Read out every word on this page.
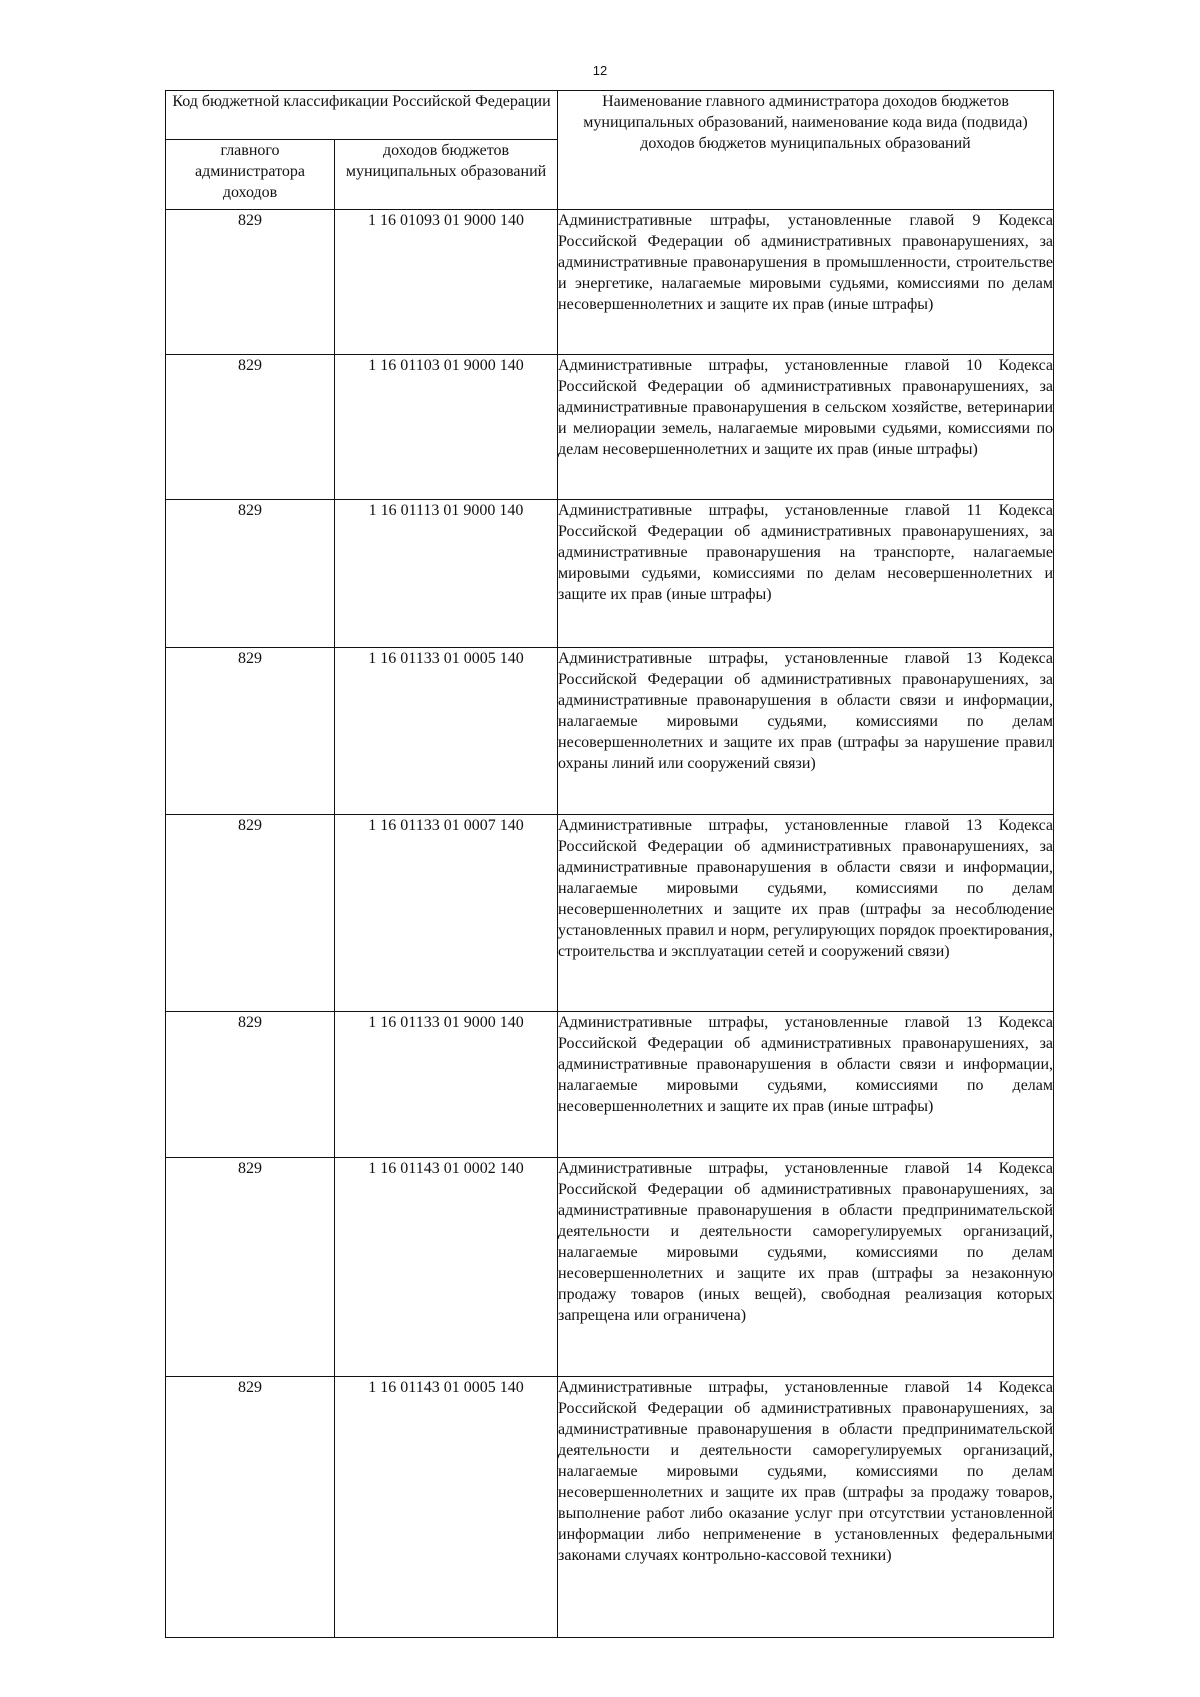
12
Код бюджетной классификации Российской Федерации		Наименование главного администратора доходов бюджетов муниципальных образований, наименование кода вида (подвида) доходов бюджетов муниципальных образований
главного администратора доходов	доходов бюджетов муниципальных образований	
829	1 16 01093 01 9000 140	Административные штрафы, установленные главой 9 Кодекса Российской Федерации об административных правонарушениях, за административные правонарушения в промышленности, строительстве и энергетике, налагаемые мировыми судьями, комиссиями по делам несовершеннолетних и защите их прав (иные штрафы)
829	1 16 01103 01 9000 140	Административные штрафы, установленные главой 10 Кодекса Российской Федерации об административных правонарушениях, за административные правонарушения в сельском хозяйстве, ветеринарии и мелиорации земель, налагаемые мировыми судьями, комиссиями по делам несовершеннолетних и защите их прав (иные штрафы)
829	1 16 01113 01 9000 140	Административные штрафы, установленные главой 11 Кодекса Российской Федерации об административных правонарушениях, за административные правонарушения на транспорте, налагаемые мировыми судьями, комиссиями по делам несовершеннолетних и защите их прав (иные штрафы)
829	1 16 01133 01 0005 140	Административные штрафы, установленные главой 13 Кодекса Российской Федерации об административных правонарушениях, за административные правонарушения в области связи и информации, налагаемые мировыми судьями, комиссиями по делам несовершеннолетних и защите их прав (штрафы за нарушение правил охраны линий или сооружений связи)
829	1 16 01133 01 0007 140	Административные штрафы, установленные главой 13 Кодекса Российской Федерации об административных правонарушениях, за административные правонарушения в области связи и информации, налагаемые мировыми судьями, комиссиями по делам несовершеннолетних и защите их прав (штрафы за несоблюдение установленных правил и норм, регулирующих порядок проектирования, строительства и эксплуатации сетей и сооружений связи)
829	1 16 01133 01 9000 140	Административные штрафы, установленные главой 13 Кодекса Российской Федерации об административных правонарушениях, за административные правонарушения в области связи и информации, налагаемые мировыми судьями, комиссиями по делам несовершеннолетних и защите их прав (иные штрафы)
829	1 16 01143 01 0002 140	Административные штрафы, установленные главой 14 Кодекса Российской Федерации об административных правонарушениях, за административные правонарушения в области предпринимательской деятельности и деятельности саморегулируемых организаций, налагаемые мировыми судьями, комиссиями по делам несовершеннолетних и защите их прав (штрафы за незаконную продажу товаров (иных вещей), свободная реализация которых запрещена или ограничена)
829	1 16 01143 01 0005 140	Административные штрафы, установленные главой 14 Кодекса Российской Федерации об административных правонарушениях, за административные правонарушения в области предпринимательской деятельности и деятельности саморегулируемых организаций, налагаемые мировыми судьями, комиссиями по делам несовершеннолетних и защите их прав (штрафы за продажу товаров, выполнение работ либо оказание услуг при отсутствии установленной информации либо неприменение в установленных федеральными законами случаях контрольно-кассовой техники)
